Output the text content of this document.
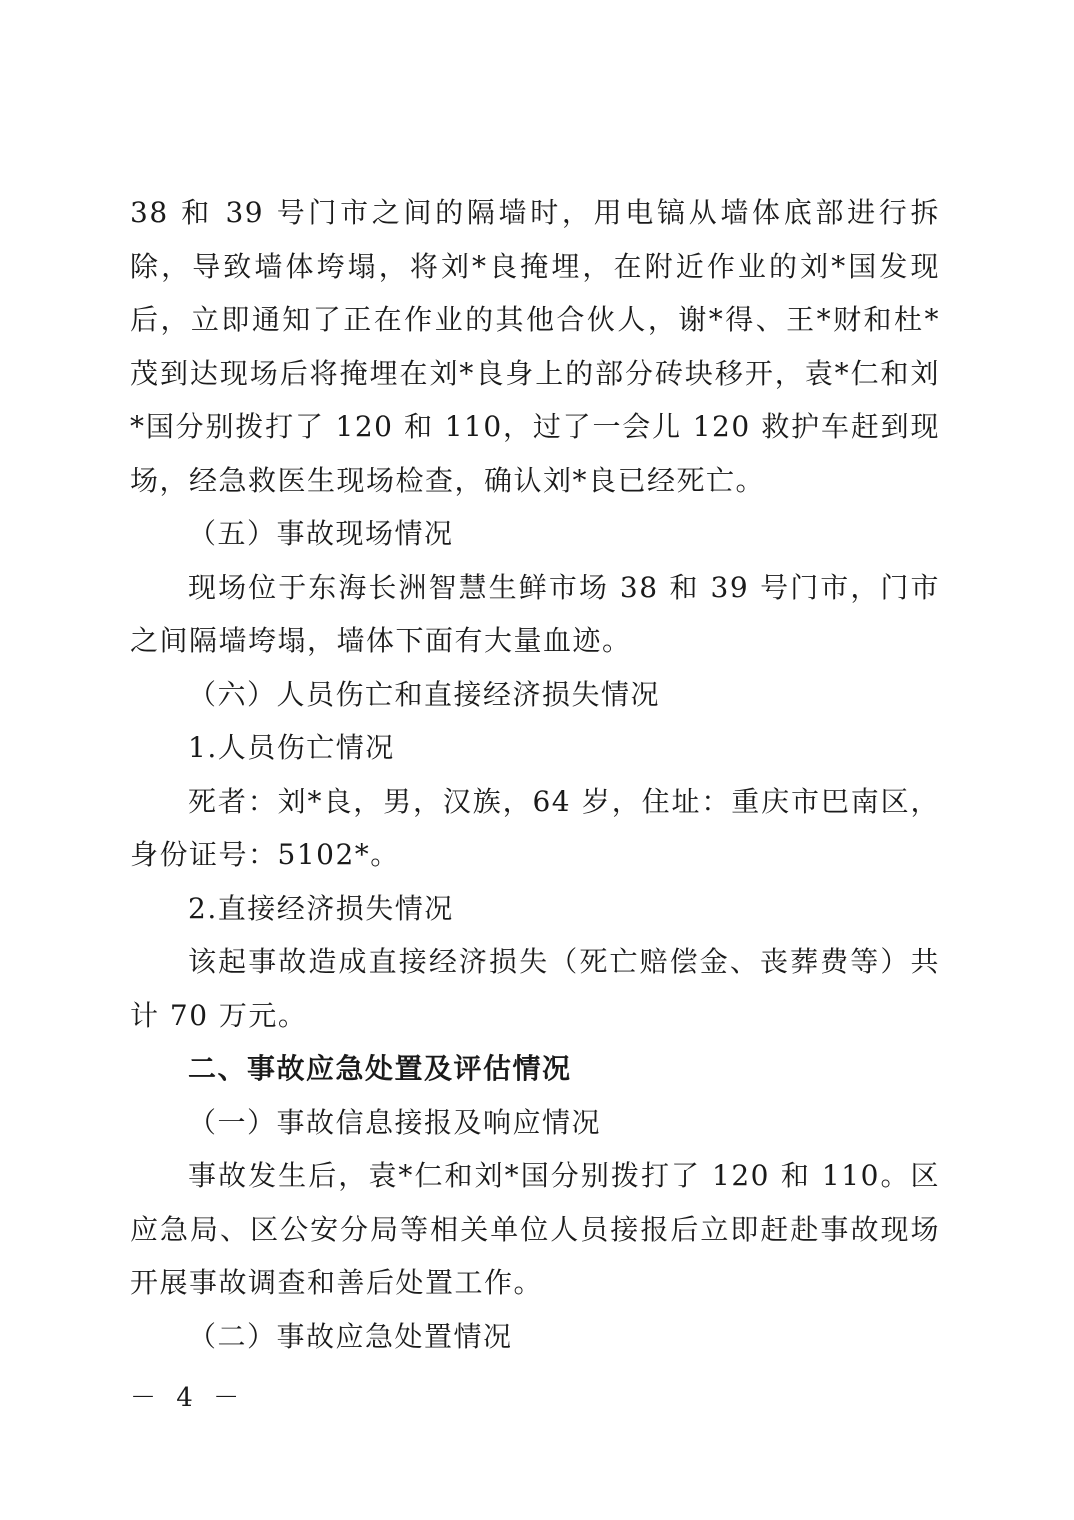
38 和 39 号门市之间的隔墙时，用电镐从墙体底部进行拆除，导致墙体垮塌，将刘*良掩埋，在附近作业的刘*国发现后，立即通知了正在作业的其他合伙人，谢*得、王*财和杜*茂到达现场后将掩埋在刘*良身上的部分砖块移开，袁*仁和刘*国分别拨打了 120 和 110，过了一会儿 120 救护车赶到现场，经急救医生现场检查，确认刘*良已经死亡。

（五）事故现场情况

现场位于东海长洲智慧生鲜市场 38 和 39 号门市，门市之间隔墙垮塌，墙体下面有大量血迹。

（六）人员伤亡和直接经济损失情况

1.人员伤亡情况

死者：刘*良，男，汉族，64 岁，住址：重庆市巴南区，身份证号：5102*。

2.直接经济损失情况

该起事故造成直接经济损失（死亡赔偿金、丧葬费等）共计 70 万元。

二、事故应急处置及评估情况

（一）事故信息接报及响应情况

事故发生后，袁*仁和刘*国分别拨打了 120 和 110。区应急局、区公安分局等相关单位人员接报后立即赶赴事故现场开展事故调查和善后处置工作。

（二）事故应急处置情况

－ 4 －
